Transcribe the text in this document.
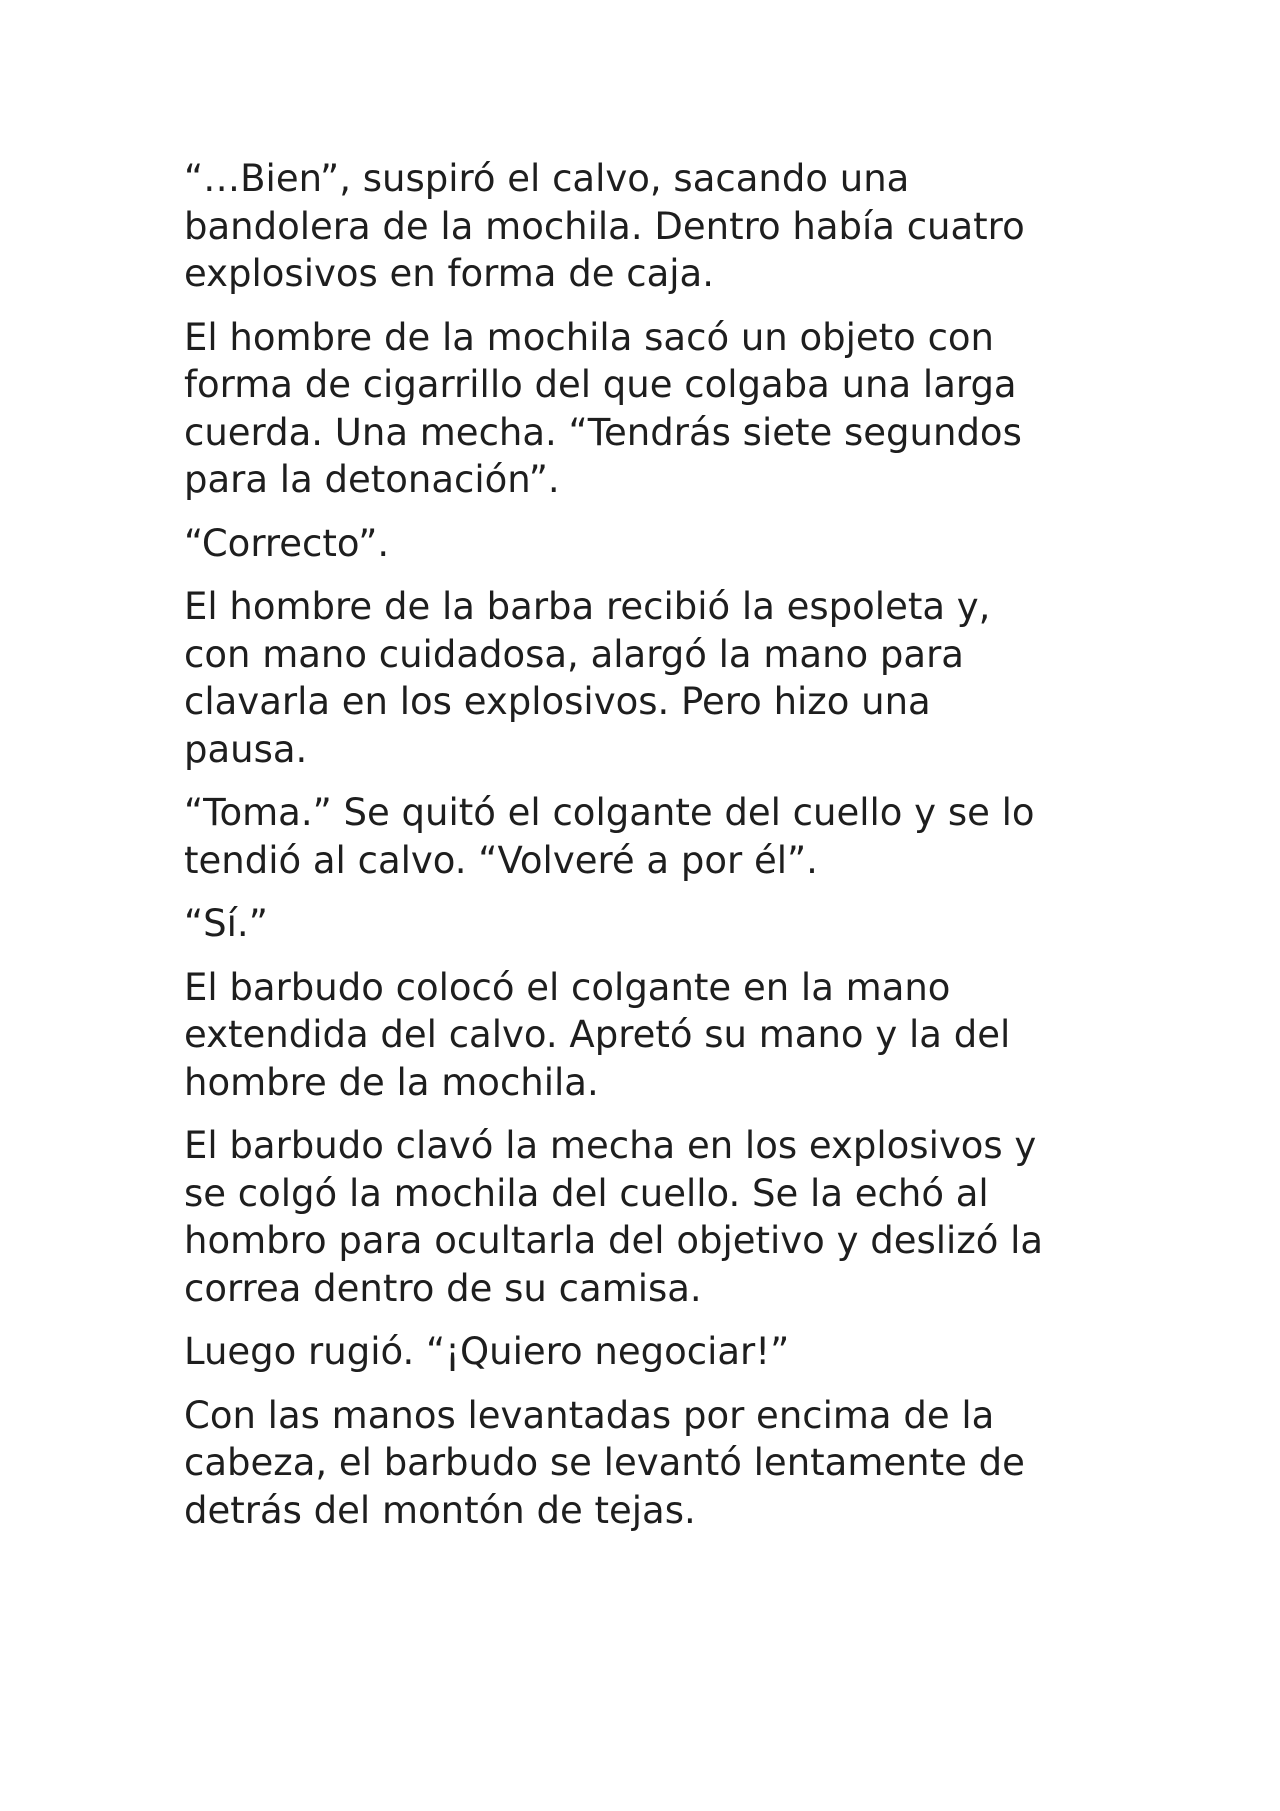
“…Bien”, suspiró el calvo, sacando una
bandolera de la mochila. Dentro había cuatro
explosivos en forma de caja.

El hombre de la mochila sacó un objeto con
forma de cigarrillo del que colgaba una larga
cuerda. Una mecha. “Tendrás siete segundos
para la detonación”.

“Correcto”.

El hombre de la barba recibió la espoleta y,
con mano cuidadosa, alargó la mano para
clavarla en los explosivos. Pero hizo una
pausa.

“Toma.” Se quitó el colgante del cuello y se lo
tendió al calvo. “Volveré a por él”.

“Sí.”

El barbudo colocó el colgante en la mano
extendida del calvo. Apretó su mano y la del
hombre de la mochila.

El barbudo clavó la mecha en los explosivos y
se colgó la mochila del cuello. Se la echó al
hombro para ocultarla del objetivo y deslizó la
correa dentro de su camisa.

Luego rugió. “¡Quiero negociar!”

Con las manos levantadas por encima de la
cabeza, el barbudo se levantó lentamente de
detrás del montón de tejas.
